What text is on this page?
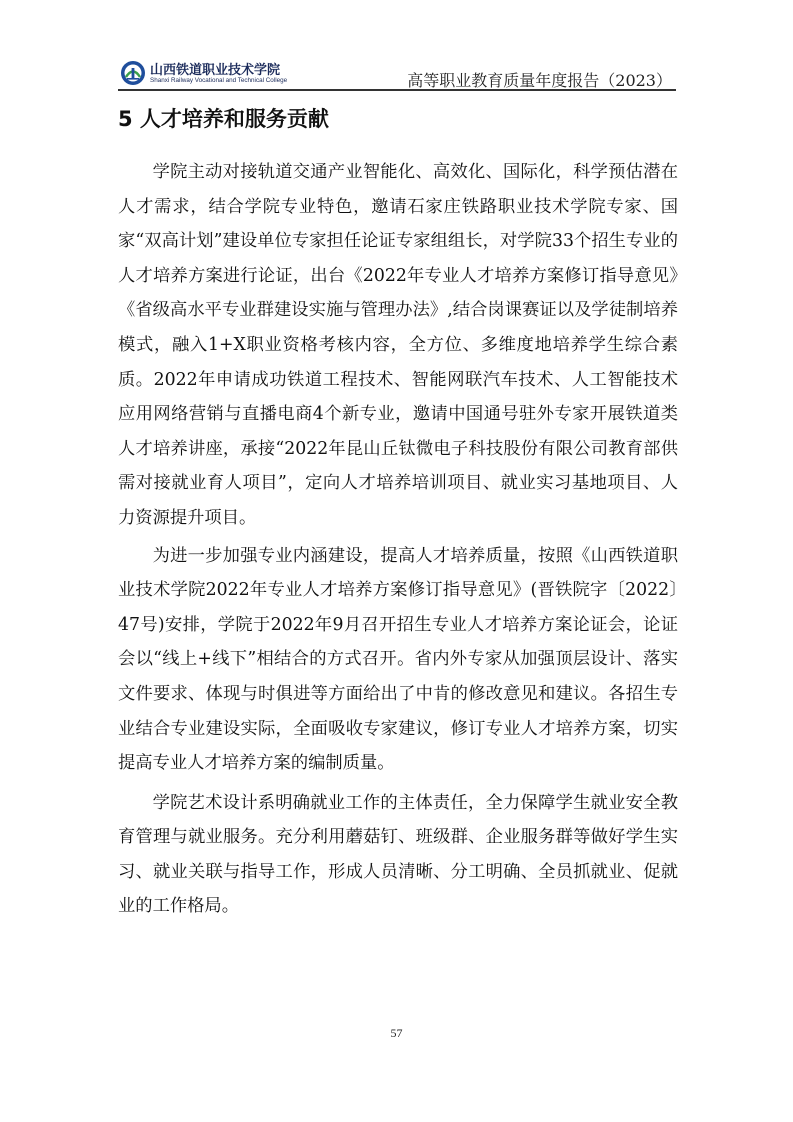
山西铁道职业技术学院
Shanxi Railway Vocational and Technical College	高等职业教育质量年度报告（2023）
5 人才培养和服务贡献

学院主动对接轨道交通产业智能化、高效化、国际化，科学预估潜在人才需求，结合学院专业特色，邀请石家庄铁路职业技术学院专家、国家“双高计划”建设单位专家担任论证专家组组长，对学院33个招生专业的人才培养方案进行论证，出台《2022年专业人才培养方案修订指导意见》《省级高水平专业群建设实施与管理办法》,结合岗课赛证以及学徒制培养模式，融入1+X职业资格考核内容，全方位、多维度地培养学生综合素质。2022年申请成功铁道工程技术、智能网联汽车技术、人工智能技术应用网络营销与直播电商4个新专业，邀请中国通号驻外专家开展铁道类人才培养讲座，承接“2022年昆山丘钛微电子科技股份有限公司教育部供需对接就业育人项目”，定向人才培养培训项目、就业实习基地项目、人力资源提升项目。

为进一步加强专业内涵建设，提高人才培养质量，按照《山西铁道职业技术学院2022年专业人才培养方案修订指导意见》(晋铁院字〔2022〕47号)安排，学院于2022年9月召开招生专业人才培养方案论证会，论证会以“线上+线下”相结合的方式召开。省内外专家从加强顶层设计、落实文件要求、体现与时俱进等方面给出了中肯的修改意见和建议。各招生专业结合专业建设实际，全面吸收专家建议，修订专业人才培养方案，切实提高专业人才培养方案的编制质量。

学院艺术设计系明确就业工作的主体责任，全力保障学生就业安全教育管理与就业服务。充分利用蘑菇钉、班级群、企业服务群等做好学生实习、就业关联与指导工作，形成人员清晰、分工明确、全员抓就业、促就业的工作格局。

57
